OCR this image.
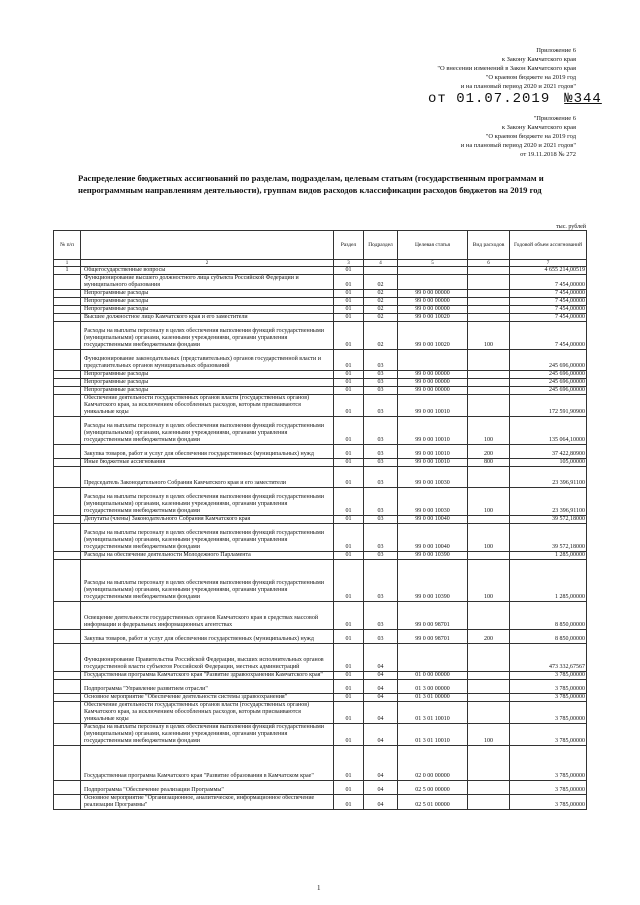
Приложение 6
к Закону Камчатского края
"О внесении изменений в Закон Камчатского края
"О краевом бюджете на 2019 год
и на плановый период 2020 и 2021 годов"
от 01.07.2019 №344
"Приложение 6
к Закону Камчатского края
"О краевом бюджете на 2019 год
и на плановый период 2020 и 2021 годов"
от 19.11.2018 № 272
Распределение бюджетных ассигнований по разделам, подразделам, целевым статьям (государственным программам и непрограммным направлениям деятельности), группам видов расходов классификации расходов бюджетов на 2019 год
тыс. рублей
№ п/п		Раздел	Подраздел	Целевая статья	Вид расходов	Годовой объем ассигнований
1	2	3	4	5	6	7
1	Общегосударственные вопросы	01				4 655 214,00519
	Функционирование высшего должностного лица субъекта Российской Федерации и муниципального образования	01	02			7 454,00000
	Непрограммные расходы	01	02	99 0 00 00000		7 454,00000
	Непрограммные расходы	01	02	99 0 00 00000		7 454,00000
	Непрограммные расходы	01	02	99 0 00 00000		7 454,00000
	Высшее должностное лицо Камчатского края и его заместители	01	02	99 0 00 10020		7 454,00000
	Расходы на выплаты персоналу в целях обеспечения выполнения функций государственными (муниципальными) органами, казенными учреждениями, органами управления государственными внебюджетными фондами	01	02	99 0 00 10020	100	7 454,00000
	Функционирование законодательных (представительных) органов государственной власти и представительных органов муниципальных образований	01	03			245 696,00000
	Непрограммные расходы	01	03	99 0 00 00000		245 696,00000
	Непрограммные расходы	01	03	99 0 00 00000		245 696,00000
	Непрограммные расходы	01	03	99 0 00 00000		245 696,00000
	Обеспечение деятельности государственных органов власти (государственных органов) Камчатского края, за исключением обособленных расходов, которым присваиваются уникальные коды	01	03	99 0 00 10010		172 591,90900
	Расходы на выплаты персоналу в целях обеспечения выполнения функций государственными (муниципальными) органами, казенными учреждениями, органами управления государственными внебюджетными фондами	01	03	99 0 00 10010	100	135 064,10000
	Закупка товаров, работ и услуг для обеспечения государственных (муниципальных) нужд	01	03	99 0 00 10010	200	37 422,80900
	Иные бюджетные ассигнования	01	03	99 0 00 10010	800	105,00000
	Председатель Законодательного Собрания Камчатского края и его заместители	01	03	99 0 00 10030		23 396,91100
	Расходы на выплаты персоналу в целях обеспечения выполнения функций государственными (муниципальными) органами, казенными учреждениями, органами управления государственными внебюджетными фондами	01	03	99 0 00 10030	100	23 396,91100
	Депутаты (члены) Законодательного Собрания Камчатского края	01	03	99 0 00 10040		39 572,18000
	Расходы на выплаты персоналу в целях обеспечения выполнения функций государственными (муниципальными) органами, казенными учреждениями, органами управления государственными внебюджетными фондами	01	03	99 0 00 10040	100	39 572,18000
	Расходы на обеспечение деятельности Молодежного Парламента	01	03	99 0 00 10390		1 285,00000
	Расходы на выплаты персоналу в целях обеспечения выполнения функций государственными (муниципальными) органами, казенными учреждениями, органами управления государственными внебюджетными фондами	01	03	99 0 00 10390	100	1 285,00000
	Освещение деятельности государственных органов Камчатского края в средствах массовой информации и федеральных информационных агентствах	01	03	99 0 00 98701		8 850,00000
	Закупка товаров, работ и услуг для обеспечения государственных (муниципальных) нужд	01	03	99 0 00 98701	200	8 850,00000
	Функционирование Правительства Российской Федерации, высших исполнительных органов государственной власти субъектов Российской Федерации, местных администраций	01	04			473 332,67567
	Государственная программа Камчатского края "Развитие здравоохранения Камчатского края"	01	04	01 0 00 00000		3 785,00000
	Подпрограмма "Управление развитием отрасли"	01	04	01 3 00 00000		3 785,00000
	Основное мероприятие "Обеспечение деятельности системы здравоохранения"	01	04	01 3 01 00000		3 785,00000
	Обеспечение деятельности государственных органов власти (государственных органов) Камчатского края, за исключением обособленных расходов, которым присваиваются уникальные коды	01	04	01 3 01 10010		3 785,00000
	Расходы на выплаты персоналу в целях обеспечения выполнения функций государственными (муниципальными) органами, казенными учреждениями, органами управления государственными внебюджетными фондами	01	04	01 3 01 10010	100	3 785,00000
	Государственная программа Камчатского края "Развитие образования в Камчатском крае"	01	04	02 0 00 00000		3 785,00000
	Подпрограмма "Обеспечение реализации Программы"	01	04	02 5 00 00000		3 785,00000
	Основное мероприятие "Организационное, аналитическое, информационное обеспечение реализации Программы"	01	04	02 5 01 00000		3 785,00000
1
